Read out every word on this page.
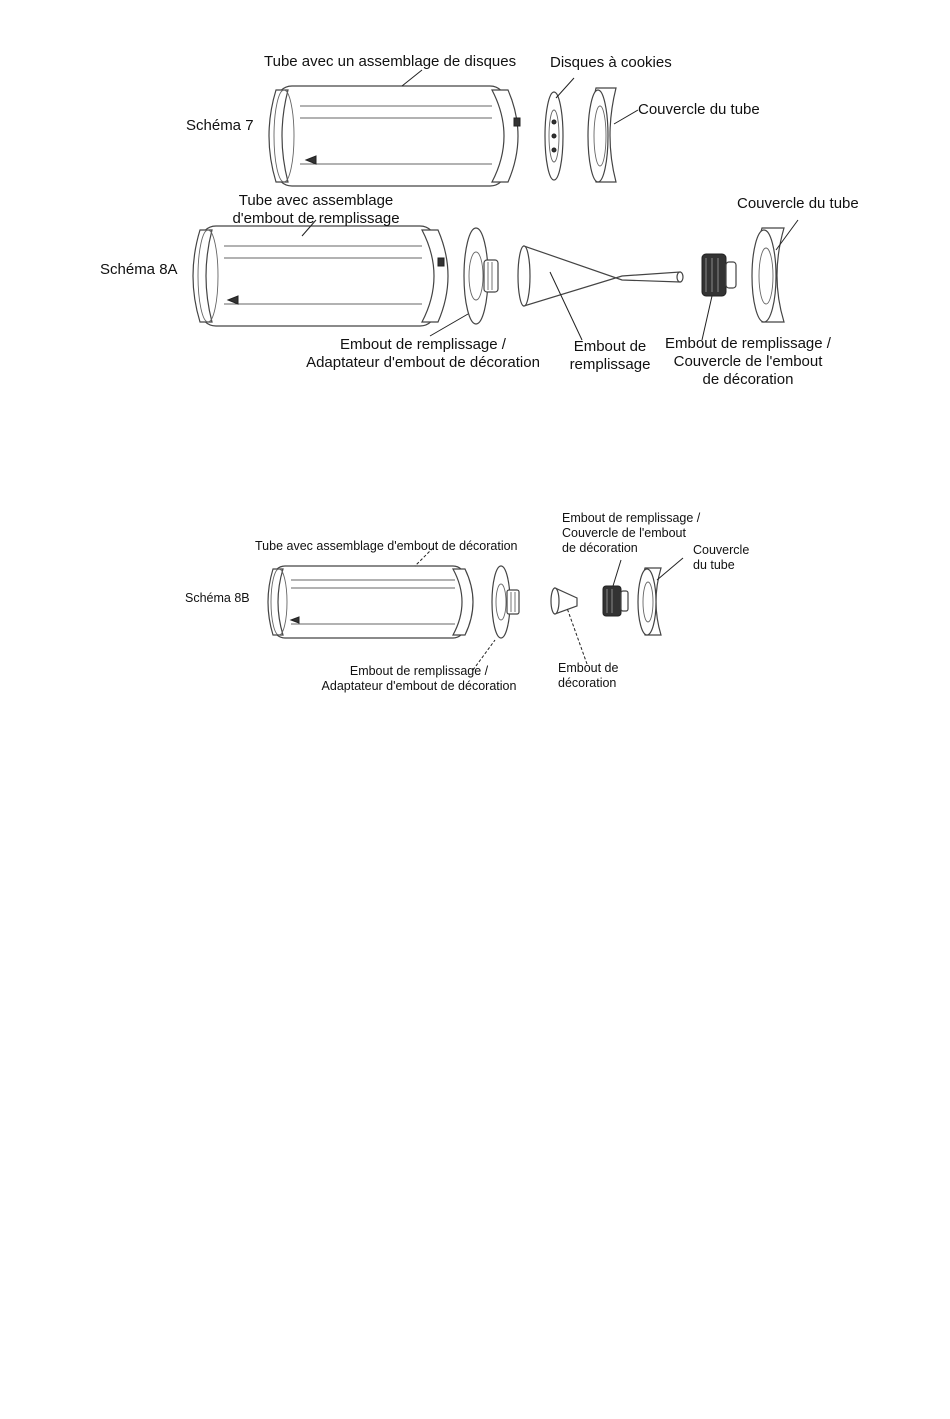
Tube avec un assemblage de disques Disques à cookies
Couvercle du tube
Schéma 7
Tube avec assemblage
d'embout de remplissage
Couvercle du tube
Schéma 8A
Embout de remplissage /
Adaptateur d'embout de décoration
Embout de
remplissage
Embout de remplissage /
Couvercle de l'embout
de décoration
Tube avec assemblage d'embout de décoration
Embout de remplissage /
Couvercle de l'embout
de décoration	Couvercle
du tube
Schéma 8B
Embout de remplissage /
Adaptateur d'embout de décoration
Embout de
décoration
